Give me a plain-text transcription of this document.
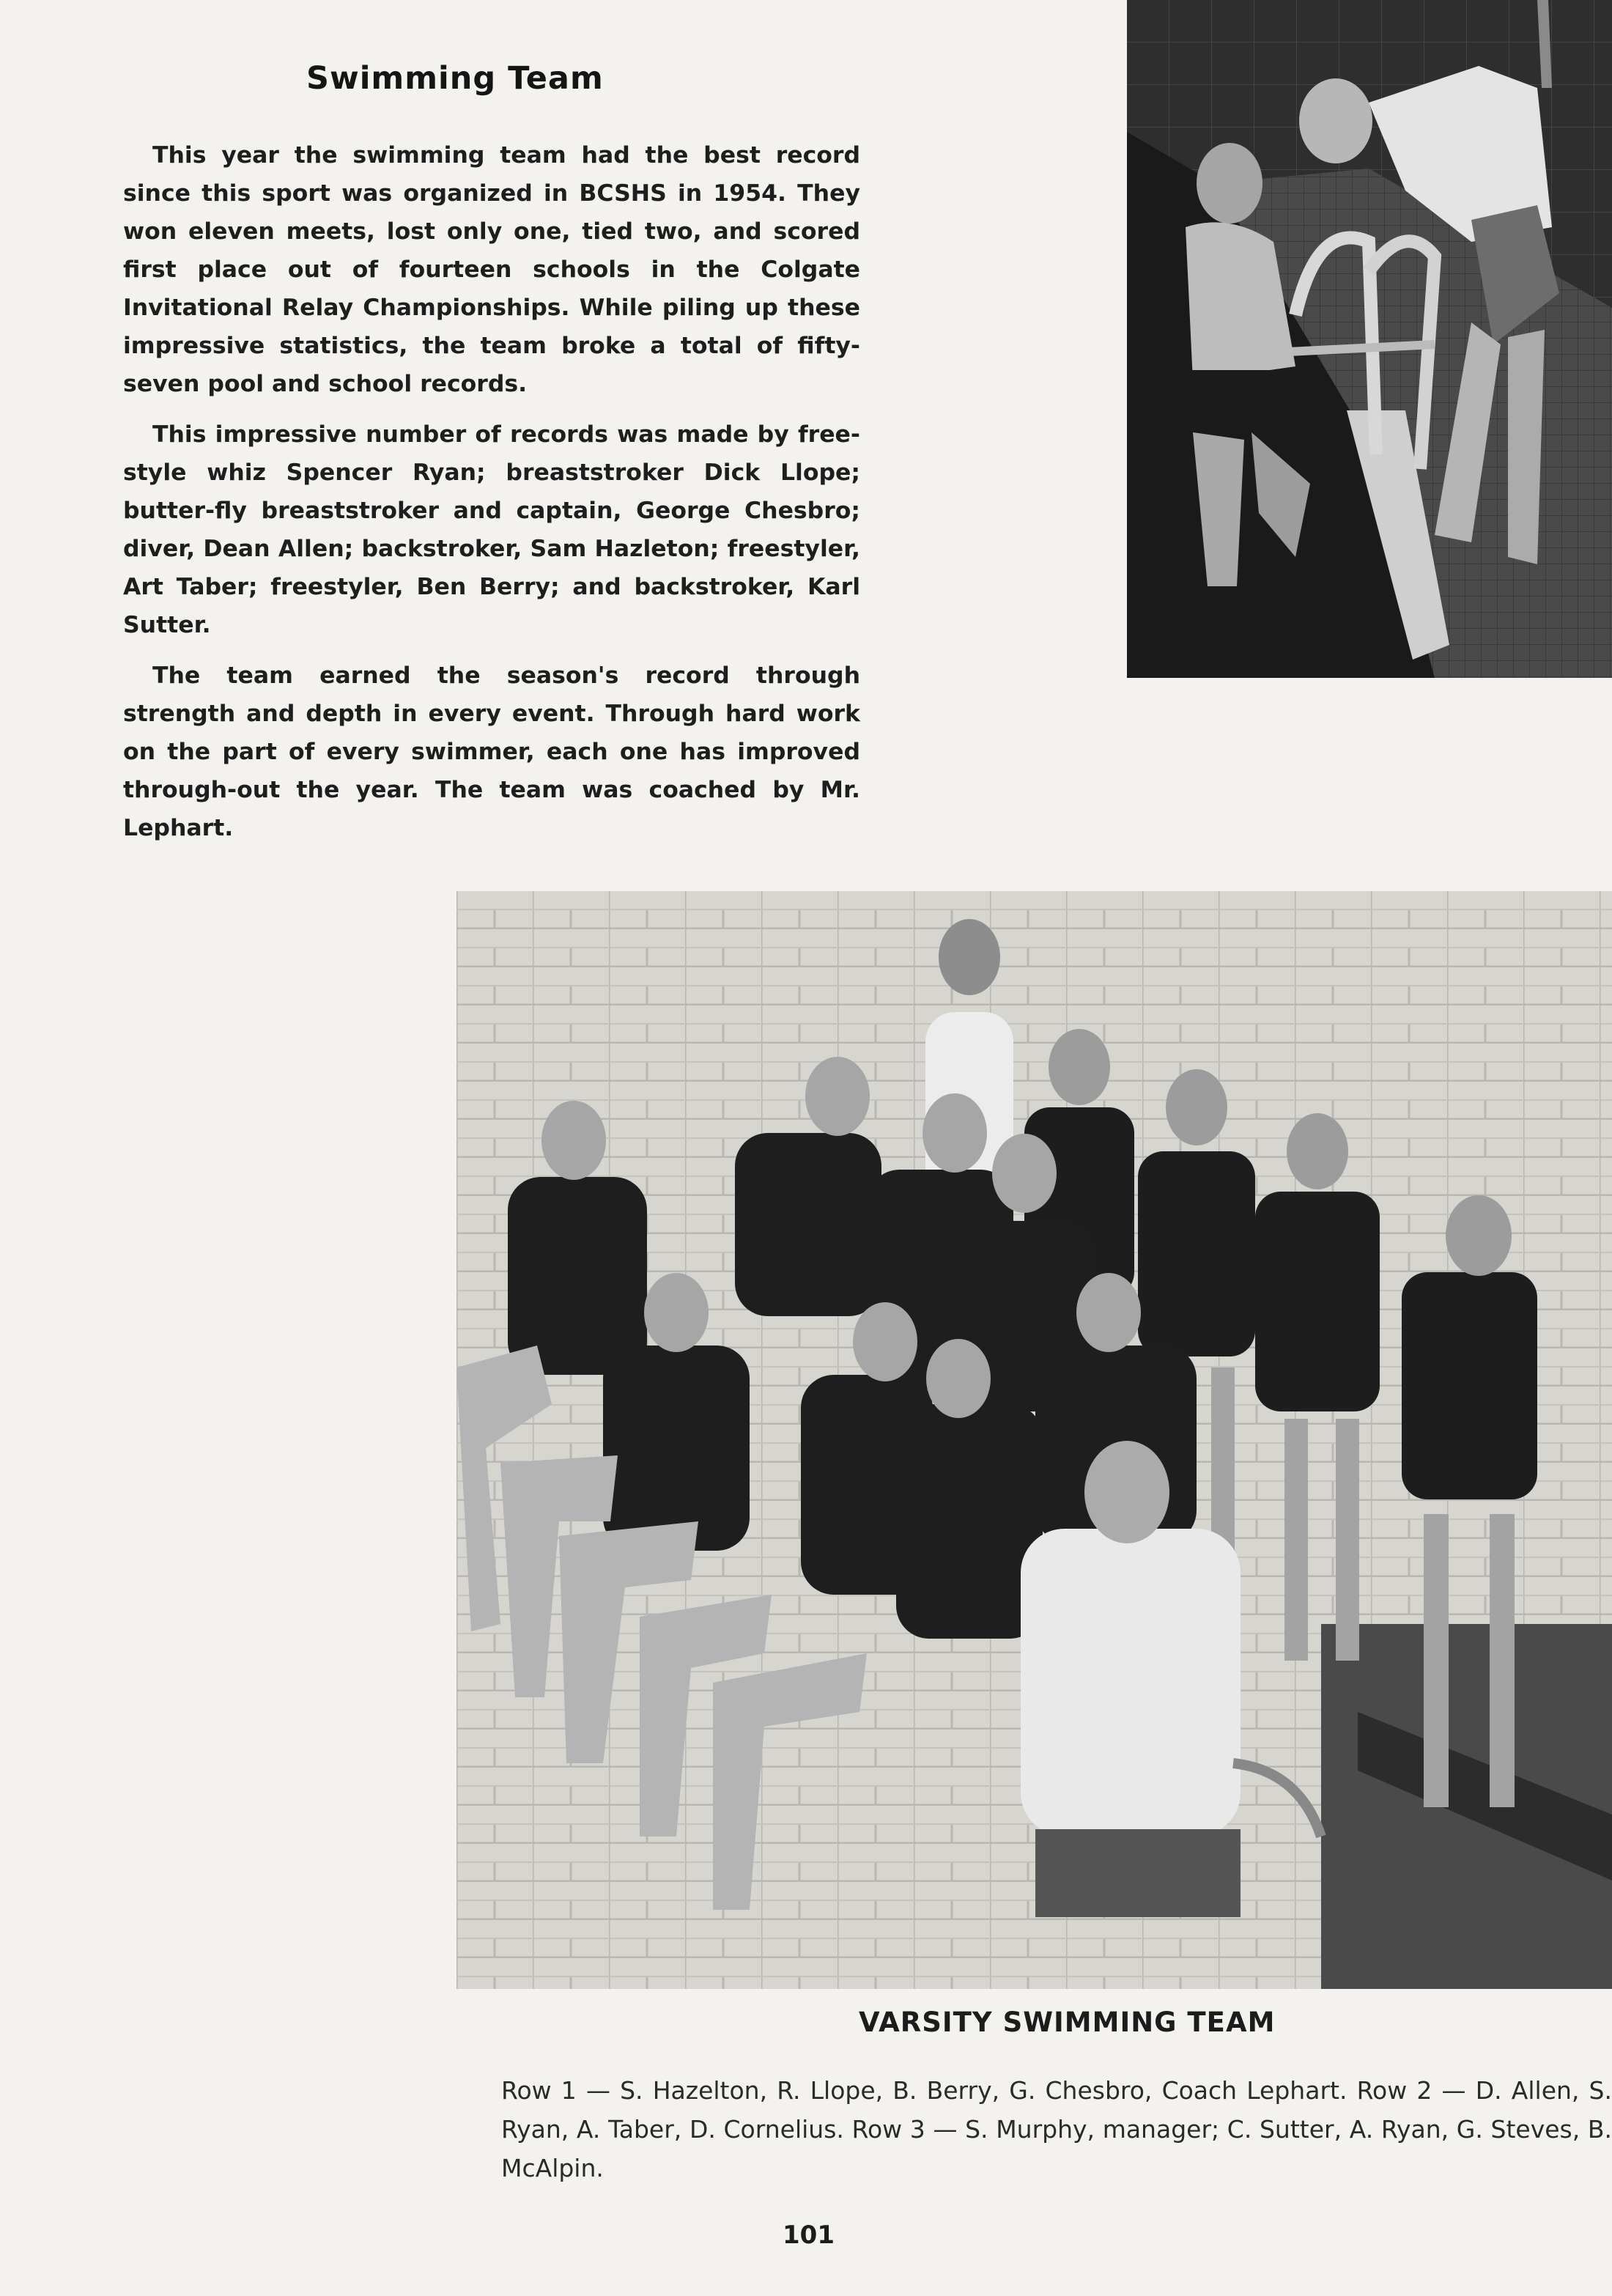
Swimming Team

This year the swimming team had the best record since this sport was organized in BCSHS in 1954. They won eleven meets, lost only one, tied two, and scored first place out of fourteen schools in the Colgate Invitational Relay Championships. While piling up these impressive statistics, the team broke a total of fifty-seven pool and school records.

This impressive number of records was made by free-style whiz Spencer Ryan; breaststroker Dick Llope; butter-fly breaststroker and captain, George Chesbro; diver, Dean Allen; backstroker, Sam Hazleton; freestyler, Art Taber; freestyler, Ben Berry; and backstroker, Karl Sutter.

The team earned the season's record through strength and depth in every event. Through hard work on the part of every swimmer, each one has improved through-out the year. The team was coached by Mr. Lephart.

VARSITY SWIMMING TEAM
Row 1 — S. Hazelton, R. Llope, B. Berry, G. Chesbro, Coach Lephart. Row 2 — D. Allen, S. Ryan, A. Taber, D. Cornelius. Row 3 — S. Murphy, manager; C. Sutter, A. Ryan, G. Steves, B. McAlpin.
101
